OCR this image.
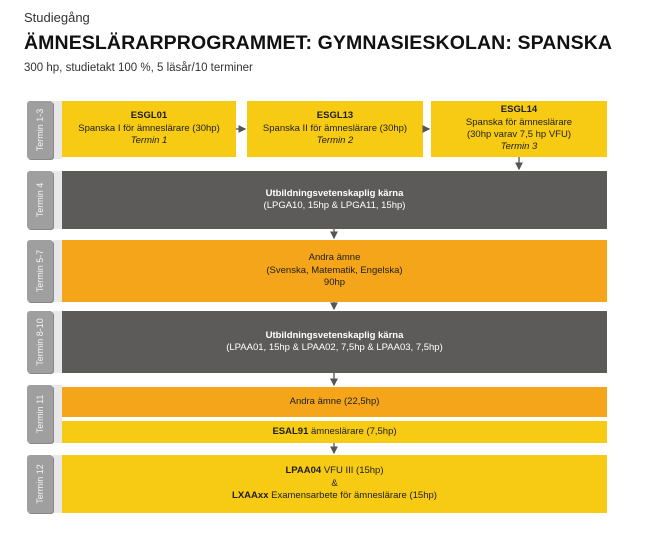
Studiegång
ÄMNESLÄRARPROGRAMMET: GYMNASIESKOLAN: SPANSKA
300 hp, studietakt 100 %, 5 läsår/10 terminer
Termin 1-3
Termin 4
Termin 5-7
Termin 8-10
Termin 11
Termin 12
ESGL01
Spanska I för ämneslärare (30hp)
Termin 1
ESGL13
Spanska II för ämneslärare (30hp)
Termin 2
ESGL14
Spanska för ämneslärare
(30hp varav 7,5 hp VFU)
Termin 3
Utbildningsvetenskaplig kärna
(LPGA10, 15hp & LPGA11, 15hp)
Andra ämne
(Svenska, Matematik, Engelska)
90hp
Utbildningsvetenskaplig kärna
(LPAA01, 15hp & LPAA02, 7,5hp & LPAA03, 7,5hp)
Andra ämne (22,5hp)
ESAL91 ämneslärare (7,5hp)
LPAA04 VFU III (15hp)
&
LXAAxx Examensarbete för ämneslärare (15hp)
